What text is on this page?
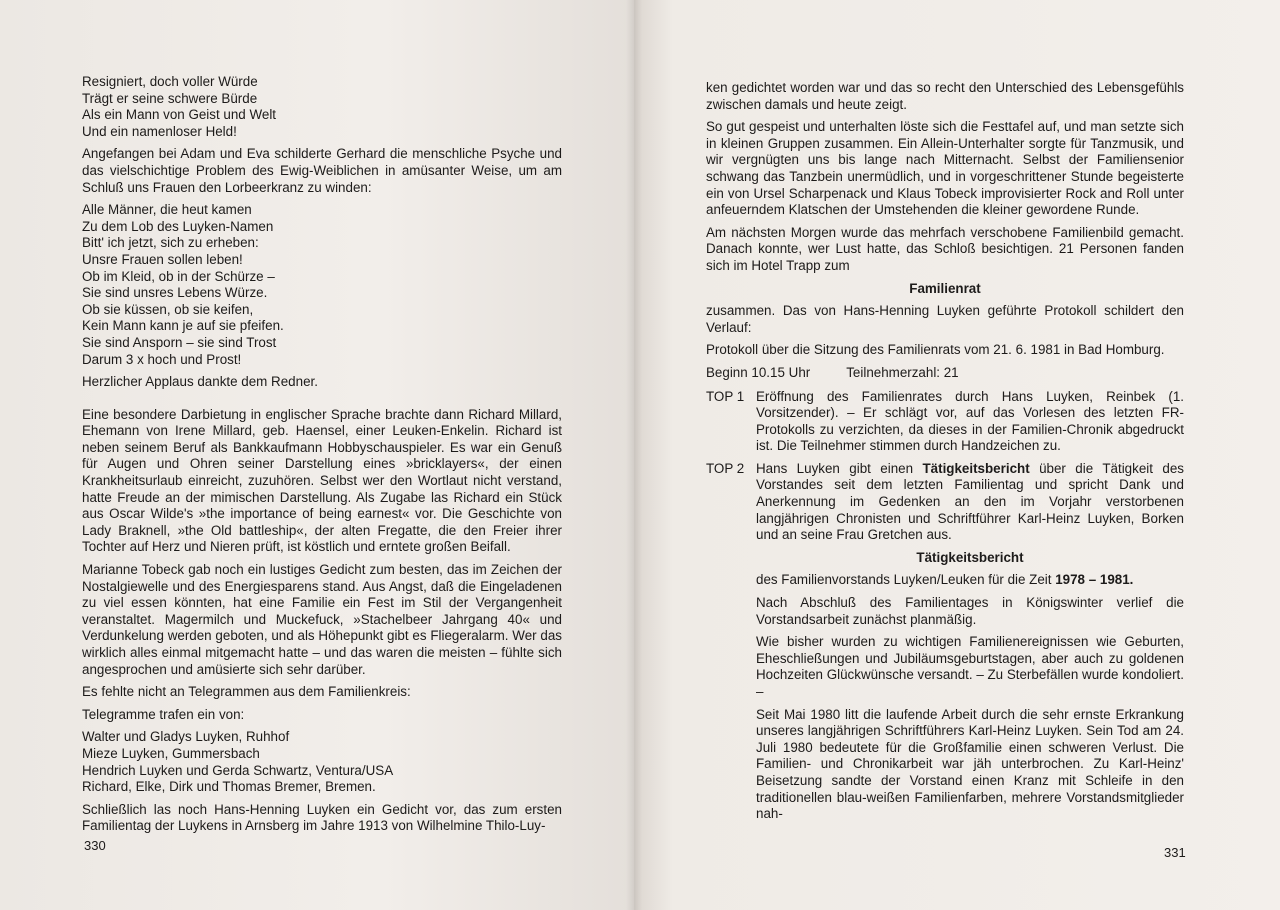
Resigniert, doch voller Würde
Trägt er seine schwere Bürde
Als ein Mann von Geist und Welt
Und ein namenloser Held!

Angefangen bei Adam und Eva schilderte Gerhard die menschliche Psyche und das vielschichtige Problem des Ewig-Weiblichen in amüsanter Weise, um am Schluß uns Frauen den Lorbeerkranz zu winden:

Alle Männer, die heut kamen
Zu dem Lob des Luyken-Namen
Bitt' ich jetzt, sich zu erheben:
Unsre Frauen sollen leben!
Ob im Kleid, ob in der Schürze –
Sie sind unsres Lebens Würze.
Ob sie küssen, ob sie keifen,
Kein Mann kann je auf sie pfeifen.
Sie sind Ansporn – sie sind Trost
Darum 3 x hoch und Prost!

Herzlicher Applaus dankte dem Redner.

Eine besondere Darbietung in englischer Sprache brachte dann Richard Millard, Ehemann von Irene Millard, geb. Haensel, einer Leuken-Enkelin. Richard ist neben seinem Beruf als Bankkaufmann Hobbyschauspieler. Es war ein Genuß für Augen und Ohren seiner Darstellung eines »bricklayers«, der einen Krankheitsurlaub einreicht, zuzuhören. Selbst wer den Wortlaut nicht verstand, hatte Freude an der mimischen Darstellung. Als Zugabe las Richard ein Stück aus Oscar Wilde's »the importance of being earnest« vor. Die Geschichte von Lady Braknell, »the Old battleship«, der alten Fregatte, die den Freier ihrer Tochter auf Herz und Nieren prüft, ist köstlich und erntete großen Beifall.

Marianne Tobeck gab noch ein lustiges Gedicht zum besten, das im Zeichen der Nostalgiewelle und des Energiesparens stand. Aus Angst, daß die Eingeladenen zu viel essen könnten, hat eine Familie ein Fest im Stil der Vergangenheit veranstaltet. Magermilch und Muckefuck, »Stachelbeer Jahrgang 40« und Verdunkelung werden geboten, und als Höhepunkt gibt es Fliegeralarm. Wer das wirklich alles einmal mitgemacht hatte – und das waren die meisten – fühlte sich angesprochen und amüsierte sich sehr darüber.

Es fehlte nicht an Telegrammen aus dem Familienkreis:

Telegramme trafen ein von:

Walter und Gladys Luyken, Ruhhof
Mieze Luyken, Gummersbach
Hendrich Luyken und Gerda Schwartz, Ventura/USA
Richard, Elke, Dirk und Thomas Bremer, Bremen.

Schließlich las noch Hans-Henning Luyken ein Gedicht vor, das zum ersten Familientag der Luykens in Arnsberg im Jahre 1913 von Wilhelmine Thilo-Luy-

330

ken gedichtet worden war und das so recht den Unterschied des Lebensgefühls zwischen damals und heute zeigt.

So gut gespeist und unterhalten löste sich die Festtafel auf, und man setzte sich in kleinen Gruppen zusammen. Ein Allein-Unterhalter sorgte für Tanzmusik, und wir vergnügten uns bis lange nach Mitternacht. Selbst der Familiensenior schwang das Tanzbein unermüdlich, und in vorgeschrittener Stunde begeisterte ein von Ursel Scharpenack und Klaus Tobeck improvisierter Rock and Roll unter anfeuerndem Klatschen der Umstehenden die kleiner gewordene Runde.

Am nächsten Morgen wurde das mehrfach verschobene Familienbild gemacht. Danach konnte, wer Lust hatte, das Schloß besichtigen. 21 Personen fanden sich im Hotel Trapp zum

Familienrat

zusammen. Das von Hans-Henning Luyken geführte Protokoll schildert den Verlauf:

Protokoll über die Sitzung des Familienrats vom 21. 6. 1981 in Bad Homburg.

Beginn 10.15 Uhr	Teilnehmerzahl: 21
TOP 1 Eröffnung des Familienrates durch Hans Luyken, Reinbek (1. Vorsitzender). – Er schlägt vor, auf das Vorlesen des letzten FR-Protokolls zu verzichten, da dieses in der Familien-Chronik abgedruckt ist. Die Teilnehmer stimmen durch Handzeichen zu.
TOP 2 Hans Luyken gibt einen Tätigkeitsbericht über die Tätigkeit des Vorstandes seit dem letzten Familientag und spricht Dank und Anerkennung im Gedenken an den im Vorjahr verstorbenen langjährigen Chronisten und Schriftführer Karl-Heinz Luyken, Borken und an seine Frau Gretchen aus.
Tätigkeitsbericht

des Familienvorstands Luyken/Leuken für die Zeit 1978 – 1981.

Nach Abschluß des Familientages in Königswinter verlief die Vorstandsarbeit zunächst planmäßig.

Wie bisher wurden zu wichtigen Familienereignissen wie Geburten, Eheschließungen und Jubiläumsgeburtstagen, aber auch zu goldenen Hochzeiten Glückwünsche versandt. – Zu Sterbefällen wurde kondoliert. –

Seit Mai 1980 litt die laufende Arbeit durch die sehr ernste Erkrankung unseres langjährigen Schriftführers Karl-Heinz Luyken. Sein Tod am 24. Juli 1980 bedeutete für die Großfamilie einen schweren Verlust. Die Familien- und Chronikarbeit war jäh unterbrochen. Zu Karl-Heinz' Beisetzung sandte der Vorstand einen Kranz mit Schleife in den traditionellen blau-weißen Familienfarben, mehrere Vorstandsmitglieder nah-

331
